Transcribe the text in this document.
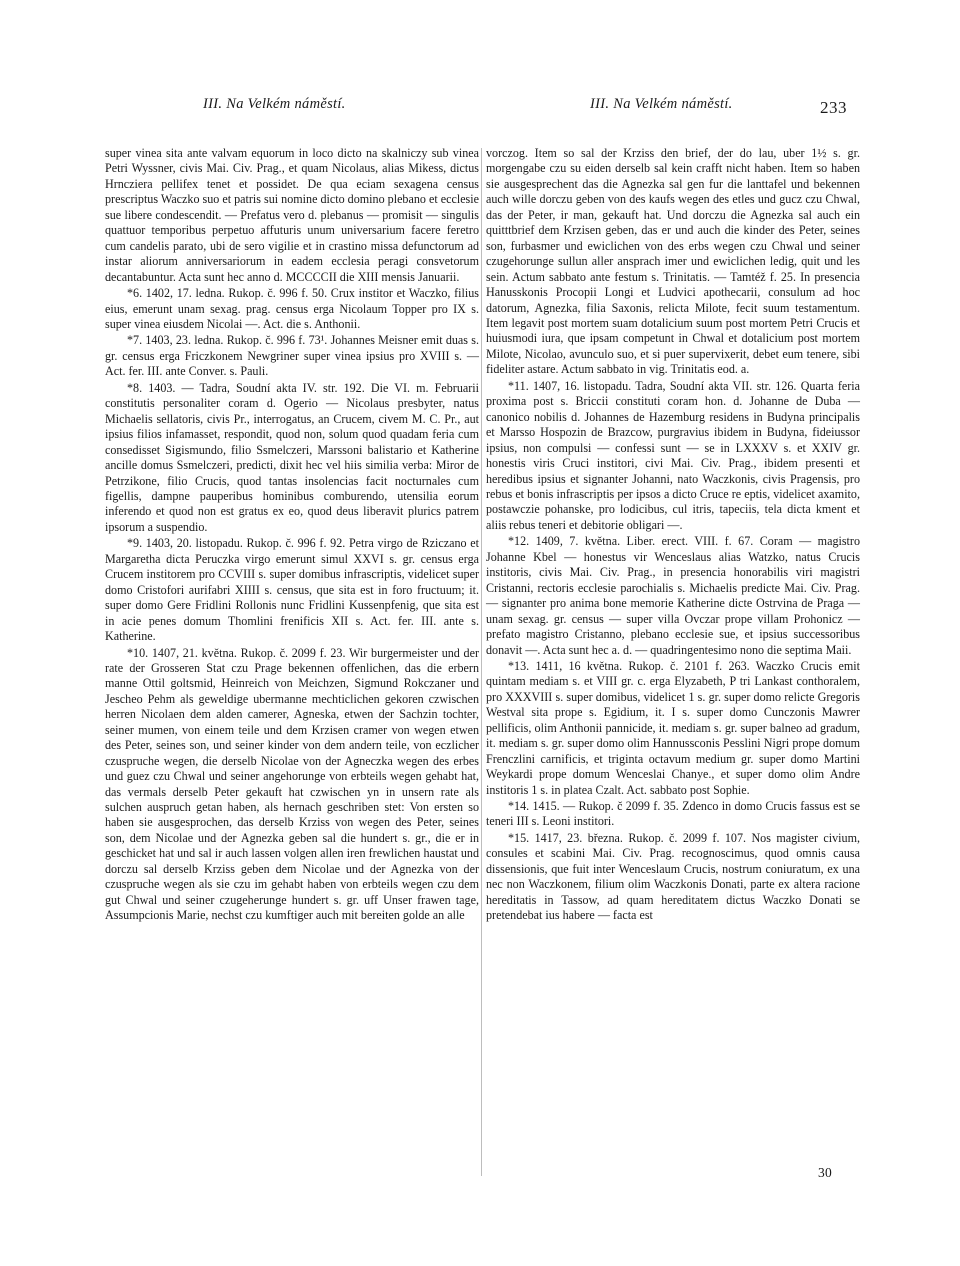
III. Na Velkém náměstí.	III. Na Velkém náměstí.	233

super vinea sita ante valvam equorum in loco dicto na skalniczy sub vinea Petri Wyssner, civis Mai. Civ. Prag., et quam Nicolaus, alias Mikess, dictus Hrncziera pellifex tenet et possidet. De qua eciam sexagena census prescriptus Waczko suo et patris sui nomine dicto domino plebano et ecclesie sue libere condescendit. — Prefatus vero d. plebanus — promisit — singulis quattuor temporibus perpetuo affuturis unum universarium facere feretro cum candelis parato, ubi de sero vigilie et in crastino missa defunctorum ad instar aliorum anniversariorum in eadem ecclesia peragi consvetorum decantabuntur. Acta sunt hec anno d. MCCCCII die XIII mensis Januarii.

*6. 1402, 17. ledna. Rukop. č. 996 f. 50. Crux institor et Waczko, filius eius, emerunt unam sexag. prag. census erga Nicolaum Topper pro IX s. super vinea eiusdem Nicolai —. Act. die s. Anthonii.

*7. 1403, 23. ledna. Rukop. č. 996 f. 73¹. Johannes Meisner emit duas s. gr. census erga Friczkonem Newgriner super vinea ipsius pro XVIII s. — Act. fer. III. ante Conver. s. Pauli.

*8. 1403. — Tadra, Soudní akta IV. str. 192. Die VI. m. Februarii constitutis personaliter coram d. Ogerio — Nicolaus presbyter, natus Michaelis sellatoris, civis Pr., interrogatus, an Crucem, civem M. C. Pr., aut ipsius filios infamasset, respondit, quod non, solum quod quadam feria cum consedisset Sigismundo, filio Ssmelczeri, Marssoni balistario et Katherine ancille domus Ssmelczeri, predicti, dixit hec vel hiis similia verba: Miror de Petrzikone, filio Crucis, quod tantas insolencias facit nocturnales cum figellis, dampne pauperibus hominibus comburendo, utensilia eorum inferendo et quod non est gratus ex eo, quod deus liberavit plurics patrem ipsorum a suspendio.

*9. 1403, 20. listopadu. Rukop. č. 996 f. 92. Petra virgo de Rziczano et Margaretha dicta Peruczka virgo emerunt simul XXVI s. gr. census erga Crucem institorem pro CCVIII s. super domibus infrascriptis, videlicet super domo Cristofori aurifabri XIIII s. census, que sita est in foro fructuum; it. super domo Gere Fridlini Rollonis nunc Fridlini Kussenpfenig, que sita est in acie penes domum Thomlini frenificis XII s. Act. fer. III. ante s. Katherine.

*10. 1407, 21. května. Rukop. č. 2099 f. 23. Wir burgermeister und der rate der Grosseren Stat czu Prage bekennen offenlichen, das die erbern manne Ottil goltsmid, Heinreich von Meichzen, Sigmund Rokczaner und Jescheo Pehm als geweldige ubermanne mechticlichen gekoren czwischen herren Nicolaen dem alden camerer, Agneska, etwen der Sachzin tochter, seiner mumen, von einem teile und dem Krzisen cramer von wegen etwen des Peter, seines son, und seiner kinder von dem andern teile, von eczlicher czuspruche wegen, die derselb Nicolae von der Agneczka wegen des erbes und guez czu Chwal und seiner angehorunge von erbteils wegen gehabt hat, das vermals derselb Peter gekauft hat czwischen yn in unsern rate als sulchen auspruch getan haben, als hernach geschriben stet: Von ersten so haben sie ausgesprochen, das derselb Krziss von wegen des Peter, seines son, dem Nicolae und der Agnezka geben sal die hundert s. gr., die er in geschicket hat und sal ir auch lassen volgen allen iren frewlichen haustat und dorczu sal derselb Krziss geben dem Nicolae und der Agnezka von der czuspruche wegen als sie czu im gehabt haben von erbteils wegen czu dem gut Chwal und seiner czugeherunge hundert s. gr. uff Unser frawen tage, Assumpcionis Marie, nechst czu kumftiger auch mit bereiten golde an alle

vorczog. Item so sal der Krziss den brief, der do lau, uber 1½ s. gr. morgengabe czu su eiden derselb sal kein crafft nicht haben. Item so haben sie ausgesprechent das die Agnezka sal gen fur die lanttafel und bekennen auch wille dorczu geben von des kaufs wegen des etles und gucz czu Chwal, das der Peter, ir man, gekauft hat. Und dorczu die Agnezka sal auch ein quitttbrief dem Krzisen geben, das er und auch die kinder des Peter, seines son, furbasmer und ewiclichen von des erbs wegen czu Chwal und seiner czugehorunge sullun aller ansprach imer und ewiclichen ledig, quit und les sein. Actum sabbato ante festum s. Trinitatis. — Tamtéž f. 25. In presencia Hanusskonis Procopii Longi et Ludvici apothecarii, consulum ad hoc datorum, Agnezka, filia Saxonis, relicta Milote, fecit suum testamentum. Item legavit post mortem suam dotalicium suum post mortem Petri Crucis et huiusmodi iura, que ipsam competunt in Chwal et dotalicium post mortem Milote, Nicolao, avunculo suo, et si puer supervixerit, debet eum tenere, sibi fideliter astare. Actum sabbato in vig. Trinitatis eod. a.

*11. 1407, 16. listopadu. Tadra, Soudní akta VII. str. 126. Quarta feria proxima post s. Briccii constituti coram hon. d. Johanne de Duba — canonico nobilis d. Johannes de Hazemburg residens in Budyna principalis et Marsso Hospozin de Brazcow, purgravius ibidem in Budyna, fideiussor ipsius, non compulsi — confessi sunt — se in LXXXV s. et XXIV gr. honestis viris Cruci institori, civi Mai. Civ. Prag., ibidem presenti et heredibus ipsius et signanter Johanni, nato Waczkonis, civis Pragensis, pro rebus et bonis infrascriptis per ipsos a dicto Cruce re eptis, videlicet axamito, postawczie pohanske, pro lodicibus, cul itris, tapeciis, tela dicta kment et aliis rebus teneri et debitorie obligari —.

*12. 1409, 7. května. Liber. erect. VIII. f. 67. Coram — magistro Johanne Kbel — honestus vir Wenceslaus alias Watzko, natus Crucis institoris, civis Mai. Civ. Prag., in presencia honorabilis viri magistri Cristanni, rectoris ecclesie parochialis s. Michaelis predicte Mai. Civ. Prag. — signanter pro anima bone memorie Katherine dicte Ostrvina de Praga — unam sexag. gr. census — super villa Ovczar prope villam Prohonicz — prefato magistro Cristanno, plebano ecclesie sue, et ipsius successoribus donavit —. Acta sunt hec a. d. — quadringentesimo nono die septima Maii.

*13. 1411, 16 května. Rukop. č. 2101 f. 263. Waczko Crucis emit quintam mediam s. et VIII gr. c. erga Elyzabeth, P tri Lankast conthoralem, pro XXXVIII s. super domibus, videlicet 1 s. gr. super domo relicte Gregoris Westval sita prope s. Egidium, it. I s. super domo Cunczonis Mawrer pellificis, olim Anthonii pannicide, it. mediam s. gr. super balneo ad gradum, it. mediam s. gr. super domo olim Hannussconis Pesslini Nigri prope domum Frenczlini carnificis, et triginta octavum medium gr. super domo Martini Weykardi prope domum Wenceslai Chanye., et super domo olim Andre institoris 1 s. in platea Czalt. Act. sabbato post Sophie.

*14. 1415. — Rukop. č 2099 f. 35. Zdenco in domo Crucis fassus est se teneri III s. Leoni institori.

*15. 1417, 23. března. Rukop. č. 2099 f. 107. Nos magister civium, consules et scabini Mai. Civ. Prag. recognoscimus, quod omnis causa dissensionis, que fuit inter Wenceslaum Crucis, nostrum coniuratum, ex una nec non Waczkonem, filium olim Waczkonis Donati, parte ex altera racione hereditatis in Tassow, ad quam hereditatem dictus Waczko Donati se pretendebat ius habere — facta est

30
